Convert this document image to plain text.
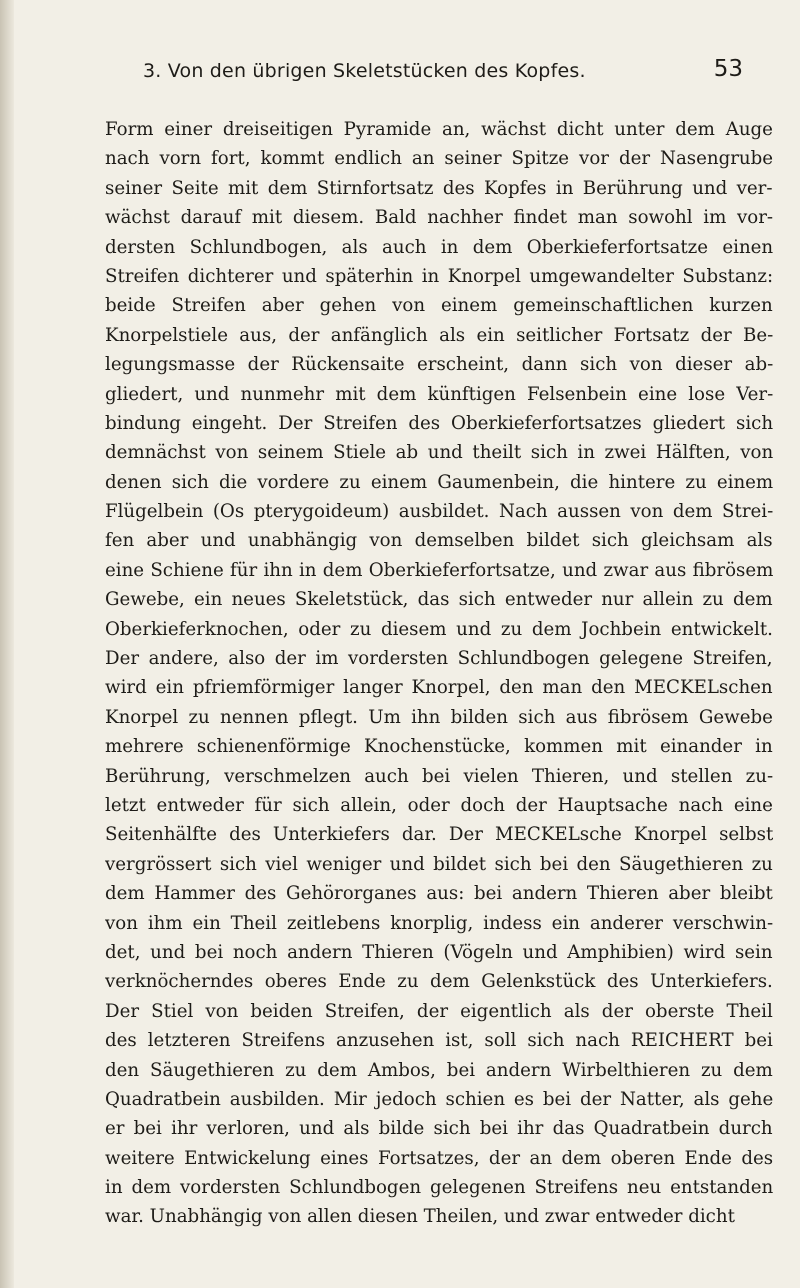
3. Von den übrigen Skeletstücken des Kopfes.	53
Form einer dreiseitigen Pyramide an, wächst dicht unter dem Auge
nach vorn fort, kommt endlich an seiner Spitze vor der Nasengrube
seiner Seite mit dem Stirnfortsatz des Kopfes in Berührung und ver-
wächst darauf mit diesem. Bald nachher findet man sowohl im vor-
dersten Schlundbogen, als auch in dem Oberkieferfortsatze einen
Streifen dichterer und späterhin in Knorpel umgewandelter Substanz:
beide Streifen aber gehen von einem gemeinschaftlichen kurzen
Knorpelstiele aus, der anfänglich als ein seitlicher Fortsatz der Be-
legungsmasse der Rückensaite erscheint, dann sich von dieser ab-
gliedert, und nunmehr mit dem künftigen Felsenbein eine lose Ver-
bindung eingeht. Der Streifen des Oberkieferfortsatzes gliedert sich
demnächst von seinem Stiele ab und theilt sich in zwei Hälften, von
denen sich die vordere zu einem Gaumenbein, die hintere zu einem
Flügelbein (Os pterygoideum) ausbildet. Nach aussen von dem Strei-
fen aber und unabhängig von demselben bildet sich gleichsam als
eine Schiene für ihn in dem Oberkieferfortsatze, und zwar aus fibrösem
Gewebe, ein neues Skeletstück, das sich entweder nur allein zu dem
Oberkieferknochen, oder zu diesem und zu dem Jochbein entwickelt.
Der andere, also der im vordersten Schlundbogen gelegene Streifen,
wird ein pfriemförmiger langer Knorpel, den man den MECKELschen
Knorpel zu nennen pflegt. Um ihn bilden sich aus fibrösem Gewebe
mehrere schienenförmige Knochenstücke, kommen mit einander in
Berührung, verschmelzen auch bei vielen Thieren, und stellen zu-
letzt entweder für sich allein, oder doch der Hauptsache nach eine
Seitenhälfte des Unterkiefers dar. Der MECKELsche Knorpel selbst
vergrössert sich viel weniger und bildet sich bei den Säugethieren zu
dem Hammer des Gehörorganes aus: bei andern Thieren aber bleibt
von ihm ein Theil zeitlebens knorplig, indess ein anderer verschwin-
det, und bei noch andern Thieren (Vögeln und Amphibien) wird sein
verknöcherndes oberes Ende zu dem Gelenkstück des Unterkiefers.
Der Stiel von beiden Streifen, der eigentlich als der oberste Theil
des letzteren Streifens anzusehen ist, soll sich nach REICHERT bei
den Säugethieren zu dem Ambos, bei andern Wirbelthieren zu dem
Quadratbein ausbilden. Mir jedoch schien es bei der Natter, als gehe
er bei ihr verloren, und als bilde sich bei ihr das Quadratbein durch
weitere Entwickelung eines Fortsatzes, der an dem oberen Ende des
in dem vordersten Schlundbogen gelegenen Streifens neu entstanden
war. Unabhängig von allen diesen Theilen, und zwar entweder dicht
